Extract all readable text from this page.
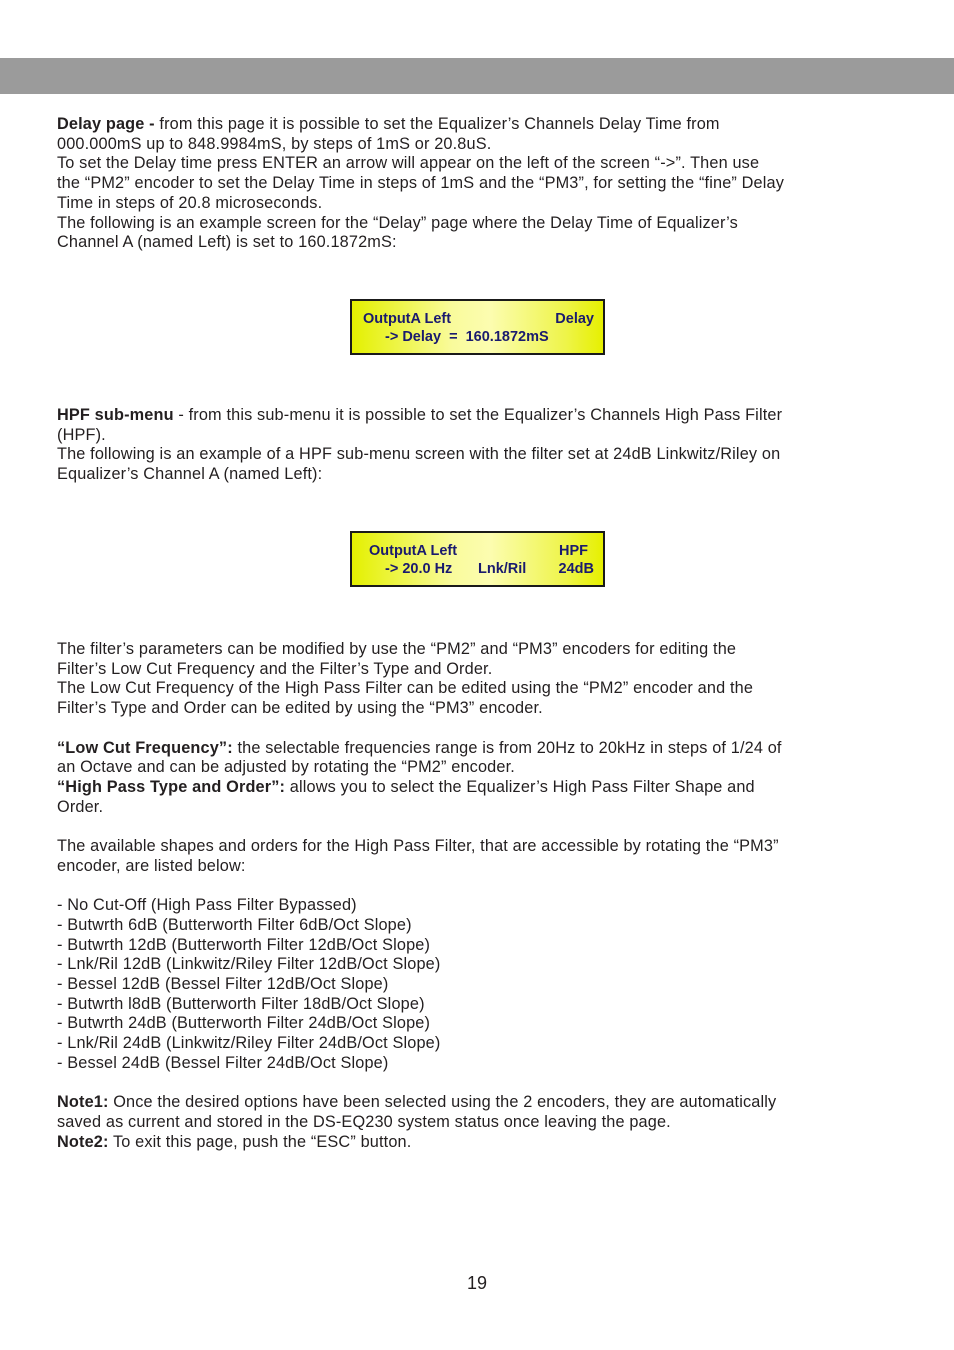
Delay page - from this page it is possible to set the Equalizer’s Channels Delay Time from

000.000mS up to 848.9984mS, by steps of 1mS or 20.8uS.

To set the Delay time press ENTER an arrow will appear on the left of the screen “->”. Then use

the “PM2” encoder to set the Delay Time in steps of 1mS and the “PM3”, for setting the “fine” Delay

Time in steps of 20.8 microseconds.

The following is an example screen for the “Delay” page where the Delay Time of Equalizer’s

Channel A (named Left) is set to 160.1872mS:

OutputA Left	Delay
-> Delay  =  160.1872mS

HPF sub-menu - from this sub-menu it is possible to set the Equalizer’s Channels High Pass Filter

(HPF).

The following is an example of a HPF sub-menu screen with the filter set at 24dB Linkwitz/Riley on

Equalizer’s Channel A (named Left):

OutputA Left	HPF
-> 20.0 Hz Lnk/Ril 24dB

The filter’s parameters can be modified by use the “PM2” and “PM3” encoders for editing the

Filter’s Low Cut Frequency and the Filter’s Type and Order.

The Low Cut Frequency of the High Pass Filter can be edited using the “PM2” encoder and the

Filter’s Type and Order can be edited by using the “PM3” encoder.

“Low Cut Frequency”: the selectable frequencies range is from 20Hz to 20kHz in steps of 1/24 of

an Octave and can be adjusted by rotating the “PM2” encoder.

“High Pass Type and Order”: allows you to select the Equalizer’s High Pass Filter Shape and

Order.

The available shapes and orders for the High Pass Filter, that are accessible by rotating the “PM3”

encoder, are listed below:

- No Cut-Off (High Pass Filter Bypassed)

- Butwrth 6dB (Butterworth Filter 6dB/Oct Slope)

- Butwrth 12dB (Butterworth Filter 12dB/Oct Slope)

- Lnk/Ril 12dB (Linkwitz/Riley Filter 12dB/Oct Slope)

- Bessel 12dB (Bessel Filter 12dB/Oct Slope)

- Butwrth l8dB (Butterworth Filter 18dB/Oct Slope)

- Butwrth 24dB (Butterworth Filter 24dB/Oct Slope)

- Lnk/Ril 24dB (Linkwitz/Riley Filter 24dB/Oct Slope)

- Bessel 24dB (Bessel Filter 24dB/Oct Slope)

Note1: Once the desired options have been selected using the 2 encoders, they are automatically

saved as current and stored in the DS-EQ230 system status once leaving the page.

Note2: To exit this page, push the “ESC” button.

19
